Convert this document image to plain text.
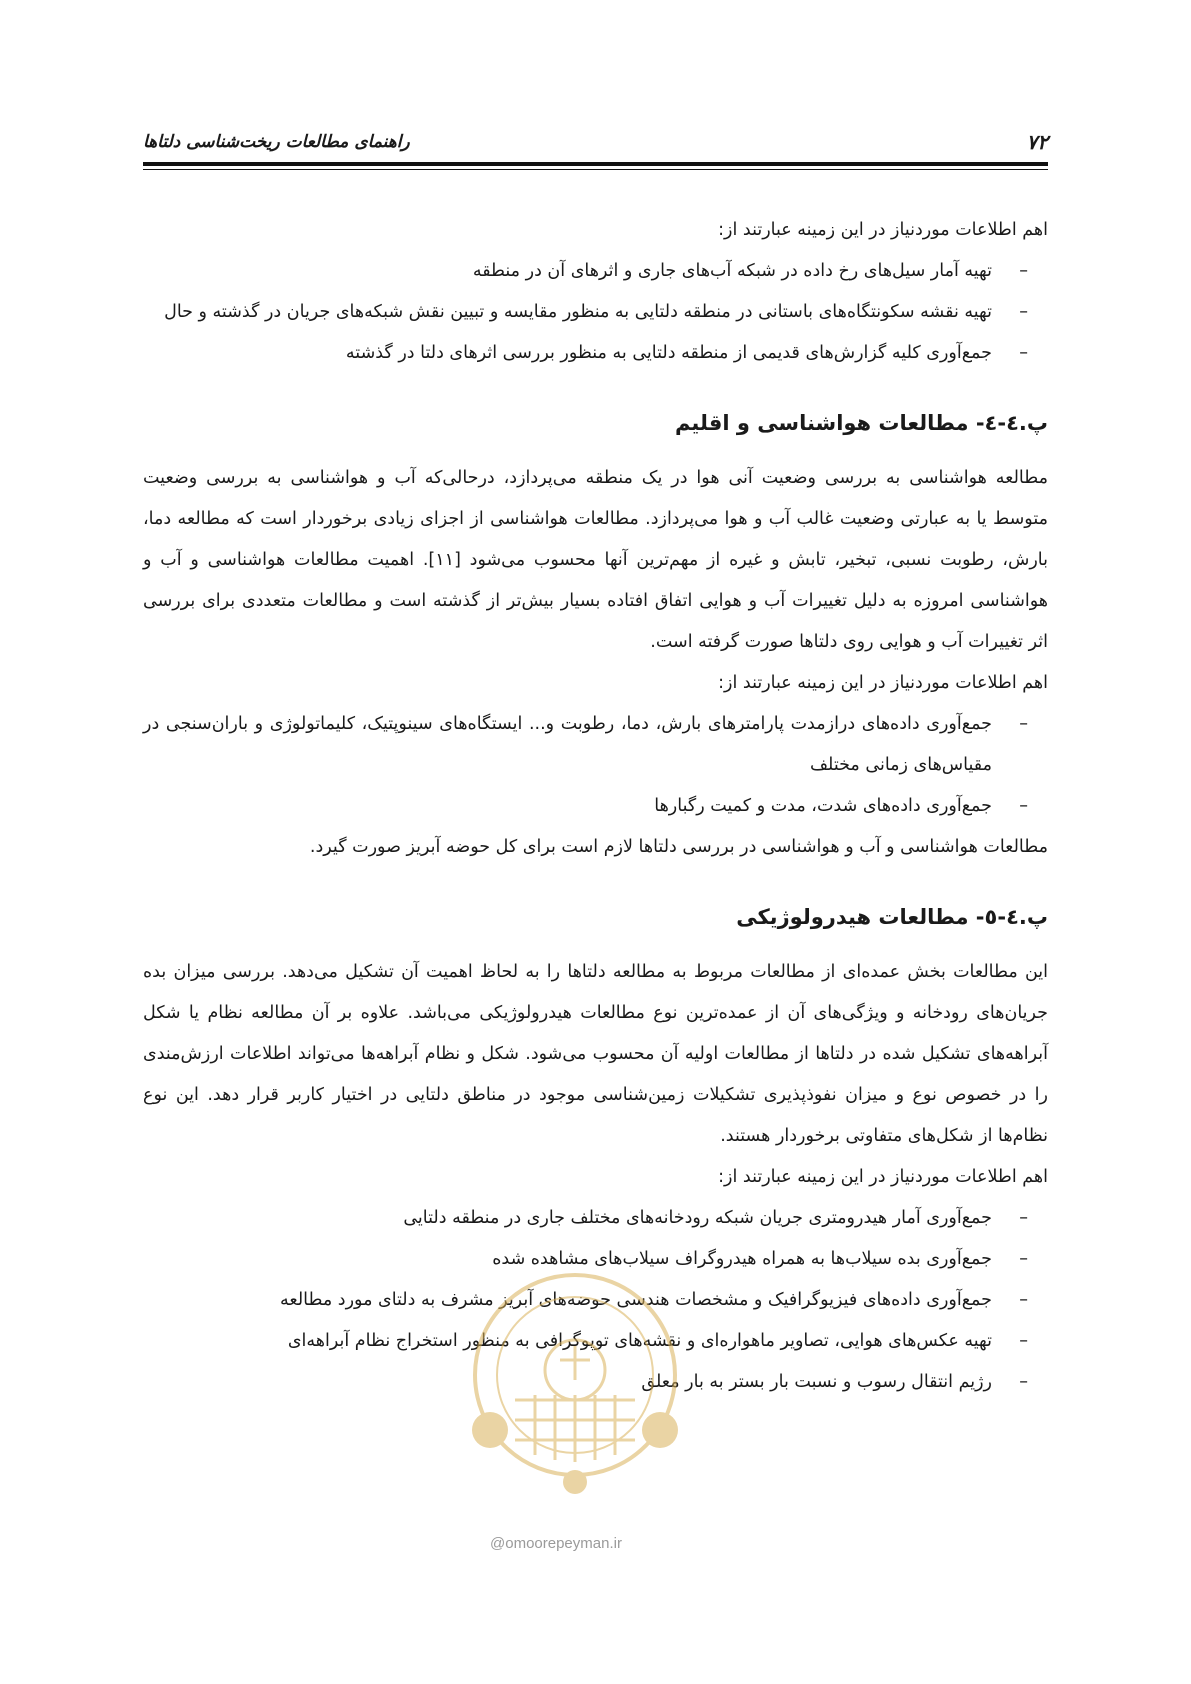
۷۲
راهنمای مطالعات ریخت‌شناسی دلتاها

اهم اطلاعات موردنیاز در این زمینه عبارتند از:

–
تهیه آمار سیل‌های رخ داده در شبکه آب‌های جاری و اثرهای آن در منطقه
–
تهیه نقشه سکونتگاه‌های باستانی در منطقه دلتایی به منظور مقایسه و تبیین نقش شبکه‌های جریان در گذشته و حال
–
جمع‌آوری کلیه گزارش‌های قدیمی از منطقه دلتایی به منظور بررسی اثرهای دلتا در گذشته
پ.٤-٤- مطالعات هواشناسی و اقلیم

مطالعه هواشناسی به بررسی وضعیت آنی هوا در یک منطقه می‌پردازد، درحالی‌که آب و هواشناسی به بررسی وضعیت متوسط یا به عبارتی وضعیت غالب آب و هوا می‌پردازد. مطالعات هواشناسی از اجزای زیادی برخوردار است که مطالعه دما، بارش، رطوبت نسبی، تبخیر، تابش و غیره از مهم‌ترین آنها محسوب می‌شود [۱۱]. اهمیت مطالعات هواشناسی و آب و هواشناسی امروزه به دلیل تغییرات آب و هوایی اتفاق افتاده بسیار بیش‌تر از گذشته است و مطالعات متعددی برای بررسی اثر تغییرات آب و هوایی روی دلتاها صورت گرفته است.

اهم اطلاعات موردنیاز در این زمینه عبارتند از:

–
جمع‌آوری داده‌های درازمدت پارامترهای بارش، دما، رطوبت و... ایستگاه‌های سینوپتیک، کلیماتولوژی و باران‌سنجی در مقیاس‌های زمانی مختلف
–
جمع‌آوری داده‌های شدت، مدت و کمیت رگبارها

مطالعات هواشناسی و آب و هواشناسی در بررسی دلتاها لازم است برای کل حوضه آبریز صورت گیرد.

پ.٤-٥- مطالعات هیدرولوژیکی

این مطالعات بخش عمده‌ای از مطالعات مربوط به مطالعه دلتاها را به لحاظ اهمیت آن تشکیل می‌دهد. بررسی میزان بده جریان‌های رودخانه و ویژگی‌های آن از عمده‌ترین نوع مطالعات هیدرولوژیکی می‌باشد. علاوه بر آن مطالعه نظام یا شکل آبراهه‌های تشکیل شده در دلتاها از مطالعات اولیه آن محسوب می‌شود. شکل و نظام آبراهه‌ها می‌تواند اطلاعات ارزش‌مندی را در خصوص نوع و میزان نفوذپذیری تشکیلات زمین‌شناسی موجود در مناطق دلتایی در اختیار کاربر قرار دهد. این نوع نظام‌ها از شکل‌های متفاوتی برخوردار هستند.

اهم اطلاعات موردنیاز در این زمینه عبارتند از:

–
جمع‌آوری آمار هیدرومتری جریان شبکه رودخانه‌های مختلف جاری در منطقه دلتایی
–
جمع‌آوری بده سیلاب‌ها به همراه هیدروگراف سیلاب‌های مشاهده شده
–
جمع‌آوری داده‌های فیزیوگرافیک و مشخصات هندسی حوضه‌های آبریز مشرف به دلتای مورد مطالعه
–
تهیه عکس‌های هوایی، تصاویر ماهواره‌ای و نقشه‌های توپوگرافی به منظور استخراج نظام آبراهه‌ای
–
رژیم انتقال رسوب و نسبت بار بستر به بار معلق
@omoorepeyman.ir
